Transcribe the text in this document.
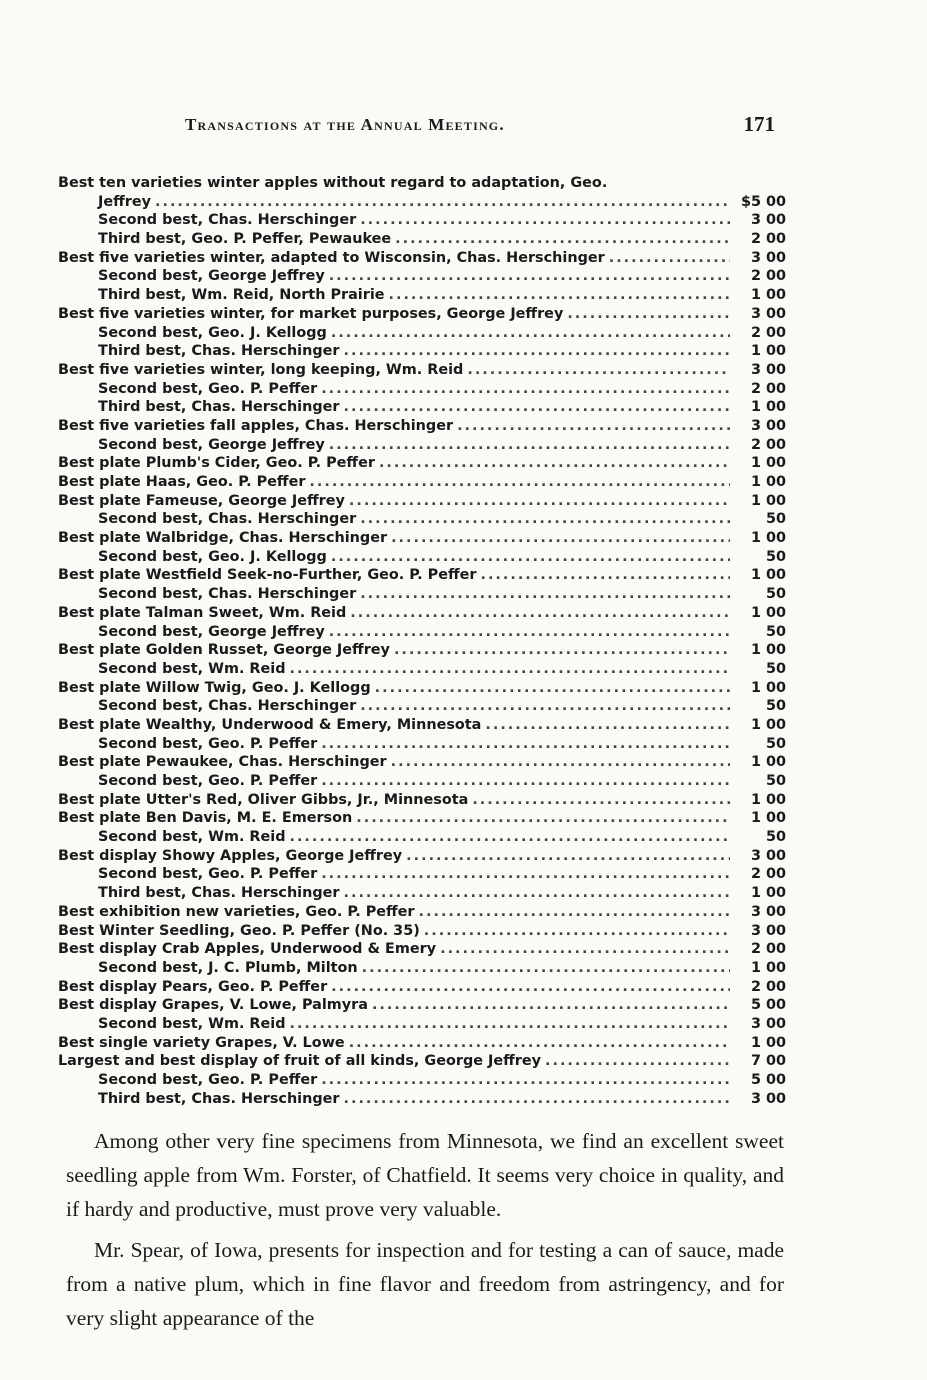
Transactions at the Annual Meeting.	171
Best ten varieties winter apples without regard to adaptation, Geo.
Jeffrey .....	$5 00
Second best, Chas. Herschinger .....	3 00
Third best, Geo. P. Peffer, Pewaukee .....	2 00
Best five varieties winter, adapted to Wisconsin, Chas. Herschinger .....	3 00
Second best, George Jeffrey .....	2 00
Third best, Wm. Reid, North Prairie .....	1 00
Best five varieties winter, for market purposes, George Jeffrey .....	3 00
Second best, Geo. J. Kellogg .....	2 00
Third best, Chas. Herschinger .....	1 00
Best five varieties winter, long keeping, Wm. Reid .....	3 00
Second best, Geo. P. Peffer .....	2 00
Third best, Chas. Herschinger .....	1 00
Best five varieties fall apples, Chas. Herschinger .....	3 00
Second best, George Jeffrey .....	2 00
Best plate Plumb's Cider, Geo. P. Peffer .....	1 00
Best plate Haas, Geo. P. Peffer .....	1 00
Best plate Fameuse, George Jeffrey .....	1 00
Second best, Chas. Herschinger .....	50
Best plate Walbridge, Chas. Herschinger .....	1 00
Second best, Geo. J. Kellogg .....	50
Best plate Westfield Seek-no-Further, Geo. P. Peffer .....	1 00
Second best, Chas. Herschinger .....	50
Best plate Talman Sweet, Wm. Reid .....	1 00
Second best, George Jeffrey .....	50
Best plate Golden Russet, George Jeffrey .....	1 00
Second best, Wm. Reid .....	50
Best plate Willow Twig, Geo. J. Kellogg .....	1 00
Second best, Chas. Herschinger .....	50
Best plate Wealthy, Underwood & Emery, Minnesota .....	1 00
Second best, Geo. P. Peffer .....	50
Best plate Pewaukee, Chas. Herschinger .....	1 00
Second best, Geo. P. Peffer .....	50
Best plate Utter's Red, Oliver Gibbs, Jr., Minnesota .....	1 00
Best plate Ben Davis, M. E. Emerson .....	1 00
Second best, Wm. Reid .....	50
Best display Showy Apples, George Jeffrey .....	3 00
Second best, Geo. P. Peffer .....	2 00
Third best, Chas. Herschinger .....	1 00
Best exhibition new varieties, Geo. P. Peffer .....	3 00
Best Winter Seedling, Geo. P. Peffer (No. 35) .....	3 00
Best display Crab Apples, Underwood & Emery .....	2 00
Second best, J. C. Plumb, Milton .....	1 00
Best display Pears, Geo. P. Peffer .....	2 00
Best display Grapes, V. Lowe, Palmyra .....	5 00
Second best, Wm. Reid .....	3 00
Best single variety Grapes, V. Lowe .....	1 00
Largest and best display of fruit of all kinds, George Jeffrey .....	7 00
Second best, Geo. P. Peffer .....	5 00
Third best, Chas. Herschinger .....	3 00

Among other very fine specimens from Minnesota, we find an excellent sweet seedling apple from Wm. Forster, of Chatfield. It seems very choice in quality, and if hardy and productive, must prove very valuable.

Mr. Spear, of Iowa, presents for inspection and for testing a can of sauce, made from a native plum, which in fine flavor and freedom from astringency, and for very slight appearance of the
